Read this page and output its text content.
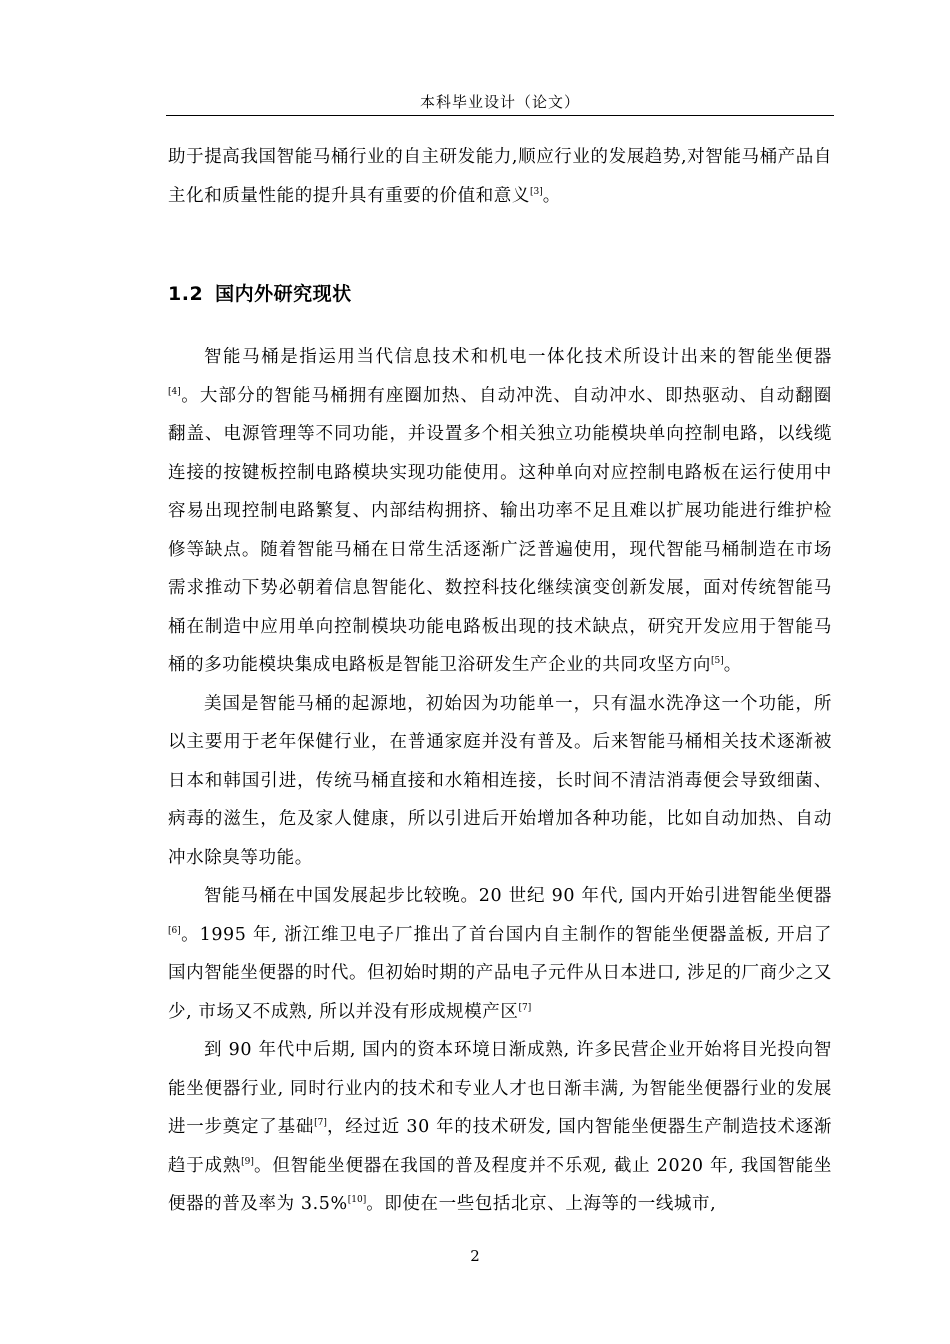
本科毕业设计（论文）

助于提高我国智能马桶行业的自主研发能力,顺应行业的发展趋势,对智能马桶产品自主化和质量性能的提升具有重要的价值和意义[3]。

1.2 国内外研究现状

智能马桶是指运用当代信息技术和机电一体化技术所设计出来的智能坐便器[4]。大部分的智能马桶拥有座圈加热、自动冲洗、自动冲水、即热驱动、自动翻圈翻盖、电源管理等不同功能，并设置多个相关独立功能模块单向控制电路，以线缆连接的按键板控制电路模块实现功能使用。这种单向对应控制电路板在运行使用中容易出现控制电路繁复、内部结构拥挤、输出功率不足且难以扩展功能进行维护检修等缺点。随着智能马桶在日常生活逐渐广泛普遍使用，现代智能马桶制造在市场需求推动下势必朝着信息智能化、数控科技化继续演变创新发展，面对传统智能马桶在制造中应用单向控制模块功能电路板出现的技术缺点，研究开发应用于智能马桶的多功能模块集成电路板是智能卫浴研发生产企业的共同攻坚方向[5]。

美国是智能马桶的起源地，初始因为功能单一，只有温水洗净这一个功能，所以主要用于老年保健行业，在普通家庭并没有普及。后来智能马桶相关技术逐渐被日本和韩国引进，传统马桶直接和水箱相连接，长时间不清洁消毒便会导致细菌、病毒的滋生，危及家人健康，所以引进后开始增加各种功能，比如自动加热、自动冲水除臭等功能。

智能马桶在中国发展起步比较晚。20 世纪 90 年代, 国内开始引进智能坐便器[6]。1995 年, 浙江维卫电子厂推出了首台国内自主制作的智能坐便器盖板, 开启了国内智能坐便器的时代。但初始时期的产品电子元件从日本进口, 涉足的厂商少之又少, 市场又不成熟, 所以并没有形成规模产区[7]

到 90 年代中后期, 国内的资本环境日渐成熟, 许多民营企业开始将目光投向智能坐便器行业, 同时行业内的技术和专业人才也日渐丰满, 为智能坐便器行业的发展进一步奠定了基础[7]，经过近 30 年的技术研发, 国内智能坐便器生产制造技术逐渐趋于成熟[9]。但智能坐便器在我国的普及程度并不乐观, 截止 2020 年, 我国智能坐便器的普及率为 3.5%[10]。即使在一些包括北京、上海等的一线城市,

2
